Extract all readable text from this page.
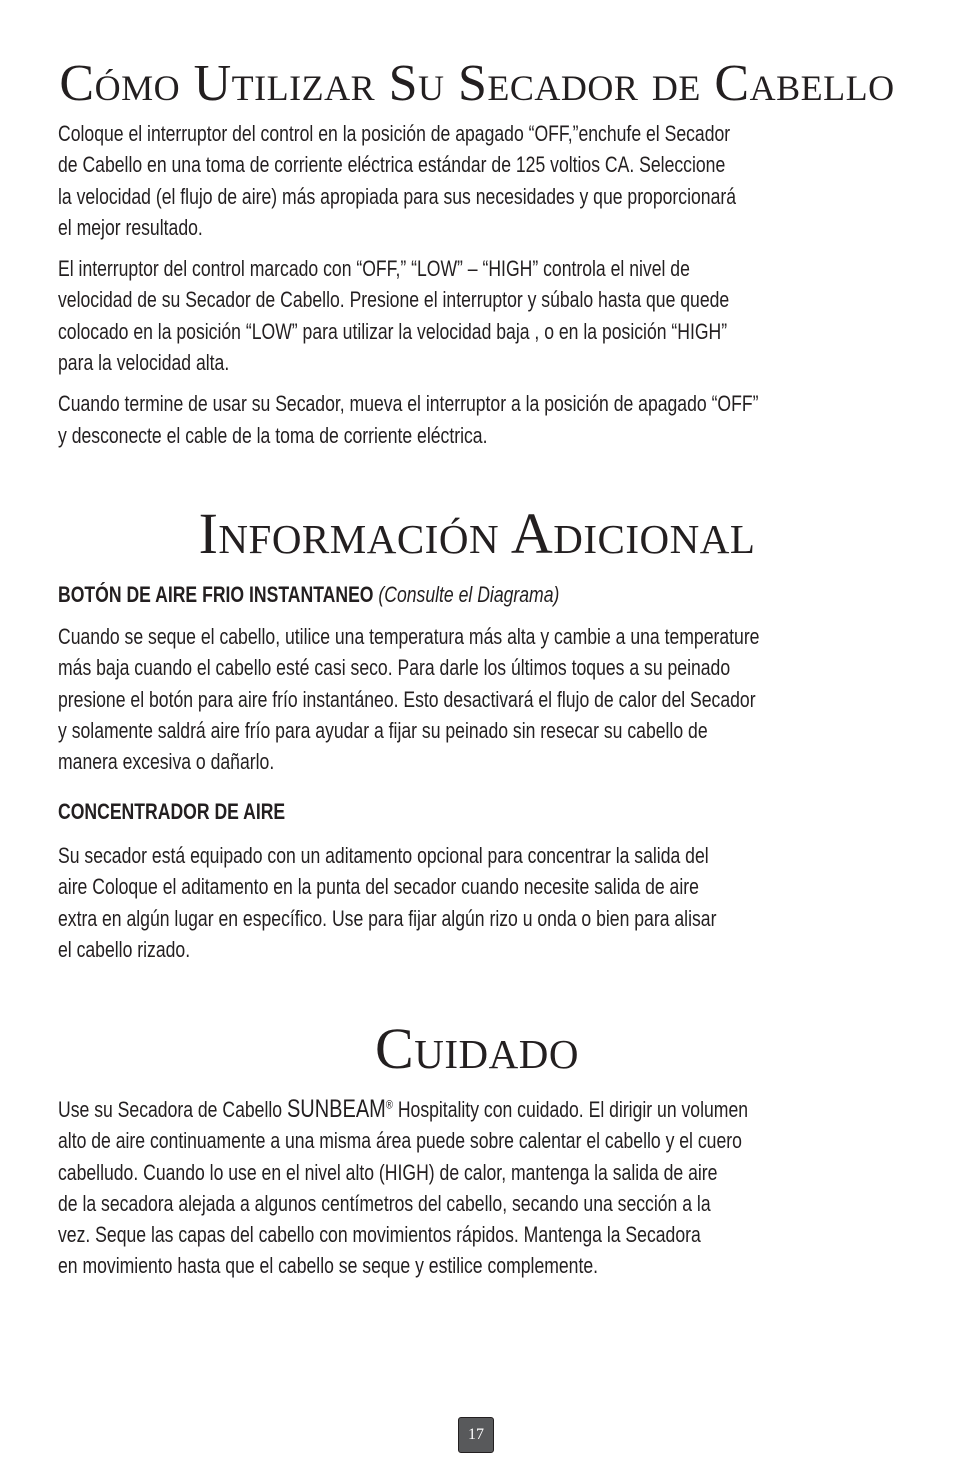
Cómo Utilizar Su Secador de Cabello

Coloque el interruptor del control en la posición de apagado “OFF,”enchufe el Secador
de Cabello en una toma de corriente eléctrica estándar de 125 voltios CA. Seleccione
la velocidad (el flujo de aire) más apropiada para sus necesidades y que proporcionará
el mejor resultado.

El interruptor del control marcado con “OFF,” “LOW” – “HIGH” controla el nivel de
velocidad de su Secador de Cabello. Presione el interruptor y súbalo hasta que quede
colocado en la posición “LOW” para utilizar la velocidad baja , o en la posición “HIGH”
para la velocidad alta.

Cuando termine de usar su Secador, mueva el interruptor a la posición de apagado “OFF”
y desconecte el cable de la toma de corriente eléctrica.

Información Adicional
BOTÓN DE AIRE FRIO INSTANTANEO (Consulte el Diagrama)

Cuando se seque el cabello, utilice una temperatura más alta y cambie a una temperature
más baja cuando el cabello esté casi seco. Para darle los últimos toques a su peinado
presione el botón para aire frío instantáneo. Esto desactivará el flujo de calor del Secador
y solamente saldrá aire frío para ayudar a fijar su peinado sin resecar su cabello de
manera excesiva o dañarlo.

CONCENTRADOR DE AIRE

Su secador está equipado con un aditamento opcional para concentrar la salida del
aire Coloque el aditamento en la punta del secador cuando necesite salida de aire
extra en algún lugar en específico. Use para fijar algún rizo u onda o bien para alisar
el cabello rizado.

Cuidado

Use su Secadora de Cabello SUNBEAM® Hospitality con cuidado. El dirigir un volumen
alto de aire continuamente a una misma área puede sobre calentar el cabello y el cuero
cabelludo. Cuando lo use en el nivel alto (HIGH) de calor, mantenga la salida de aire
de la secadora alejada a algunos centímetros del cabello, secando una sección a la
vez. Seque las capas del cabello con movimientos rápidos. Mantenga la Secadora
en movimiento hasta que el cabello se seque y estilice complemente.

17
